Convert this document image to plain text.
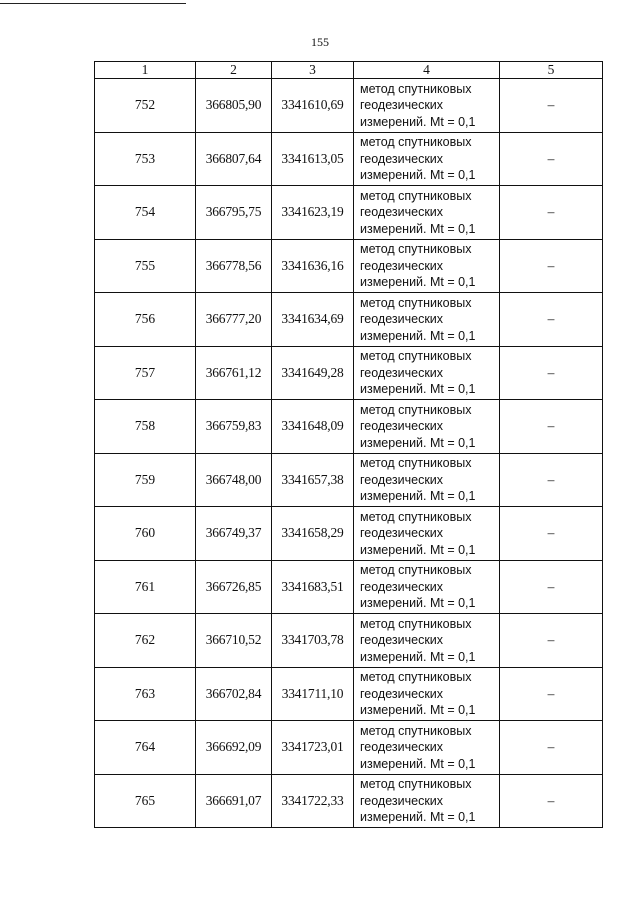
155
1	2	3	4	5
752	366805,90	3341610,69	метод спутниковых
геодезических
измерений. Mt = 0,1	–
753	366807,64	3341613,05	метод спутниковых
геодезических
измерений. Mt = 0,1	–
754	366795,75	3341623,19	метод спутниковых
геодезических
измерений. Mt = 0,1	–
755	366778,56	3341636,16	метод спутниковых
геодезических
измерений. Mt = 0,1	–
756	366777,20	3341634,69	метод спутниковых
геодезических
измерений. Mt = 0,1	–
757	366761,12	3341649,28	метод спутниковых
геодезических
измерений. Mt = 0,1	–
758	366759,83	3341648,09	метод спутниковых
геодезических
измерений. Mt = 0,1	–
759	366748,00	3341657,38	метод спутниковых
геодезических
измерений. Mt = 0,1	–
760	366749,37	3341658,29	метод спутниковых
геодезических
измерений. Mt = 0,1	–
761	366726,85	3341683,51	метод спутниковых
геодезических
измерений. Mt = 0,1	–
762	366710,52	3341703,78	метод спутниковых
геодезических
измерений. Mt = 0,1	–
763	366702,84	3341711,10	метод спутниковых
геодезических
измерений. Mt = 0,1	–
764	366692,09	3341723,01	метод спутниковых
геодезических
измерений. Mt = 0,1	–
765	366691,07	3341722,33	метод спутниковых
геодезических
измерений. Mt = 0,1	–
